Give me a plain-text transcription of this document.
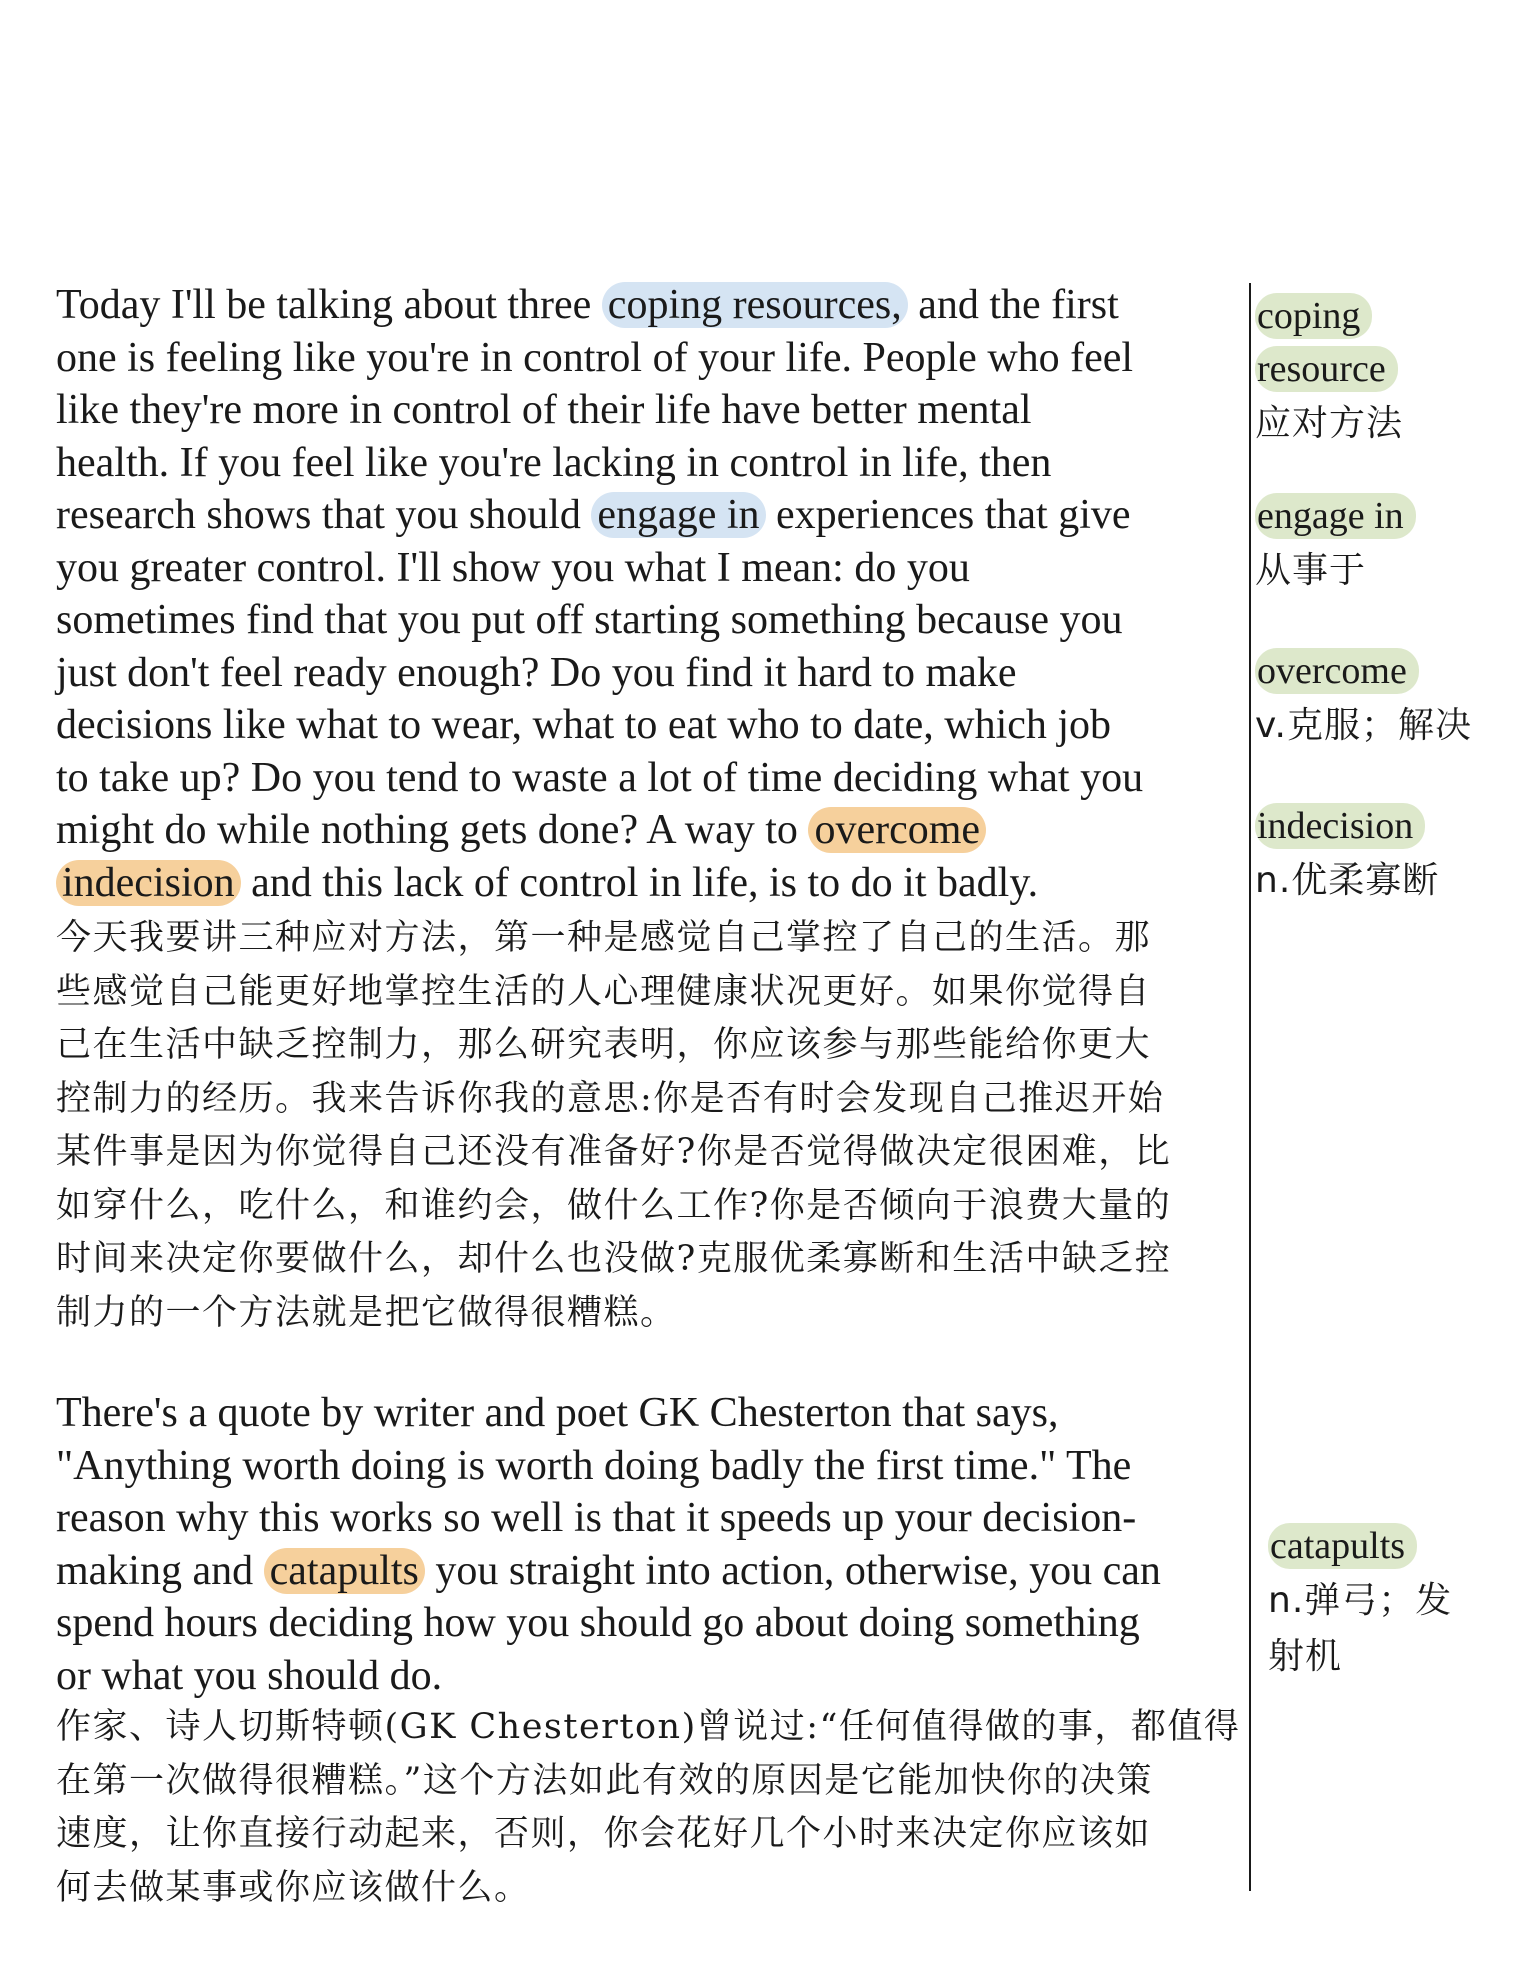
Today I'll be talking about three coping resources, and the first
one is feeling like you're in control of your life. People who feel
like they're more in control of their life have better mental
health. If you feel like you're lacking in control in life, then
research shows that you should engage in experiences that give
you greater control. I'll show you what I mean: do you
sometimes find that you put off starting something because you
just don't feel ready enough? Do you find it hard to make
decisions like what to wear, what to eat who to date, which job
to take up? Do you tend to waste a lot of time deciding what you
might do while nothing gets done? A way to overcome
indecision and this lack of control in life, is to do it badly.
今天我要讲三种应对方法，第一种是感觉自己掌控了自己的生活。那
些感觉自己能更好地掌控生活的人心理健康状况更好。如果你觉得自
己在生活中缺乏控制力，那么研究表明，你应该参与那些能给你更大
控制力的经历。我来告诉你我的意思:你是否有时会发现自己推迟开始
某件事是因为你觉得自己还没有准备好?你是否觉得做决定很困难，比
如穿什么，吃什么，和谁约会，做什么工作?你是否倾向于浪费大量的
时间来决定你要做什么，却什么也没做?克服优柔寡断和生活中缺乏控
制力的一个方法就是把它做得很糟糕。
There's a quote by writer and poet GK Chesterton that says,
"Anything worth doing is worth doing badly the first time." The
reason why this works so well is that it speeds up your decision-
making and catapults you straight into action, otherwise, you can
spend hours deciding how you should go about doing something
or what you should do.
作家、诗人切斯特顿(GK Chesterton)曾说过:“任何值得做的事，都值得
在第一次做得很糟糕。”这个方法如此有效的原因是它能加快你的决策
速度，让你直接行动起来，否则，你会花好几个小时来决定你应该如
何去做某事或你应该做什么。
coping
resource
应对方法
engage in
从事于
overcome
v.克服；解决
indecision
n.优柔寡断
catapults
n.弹弓；发射机
